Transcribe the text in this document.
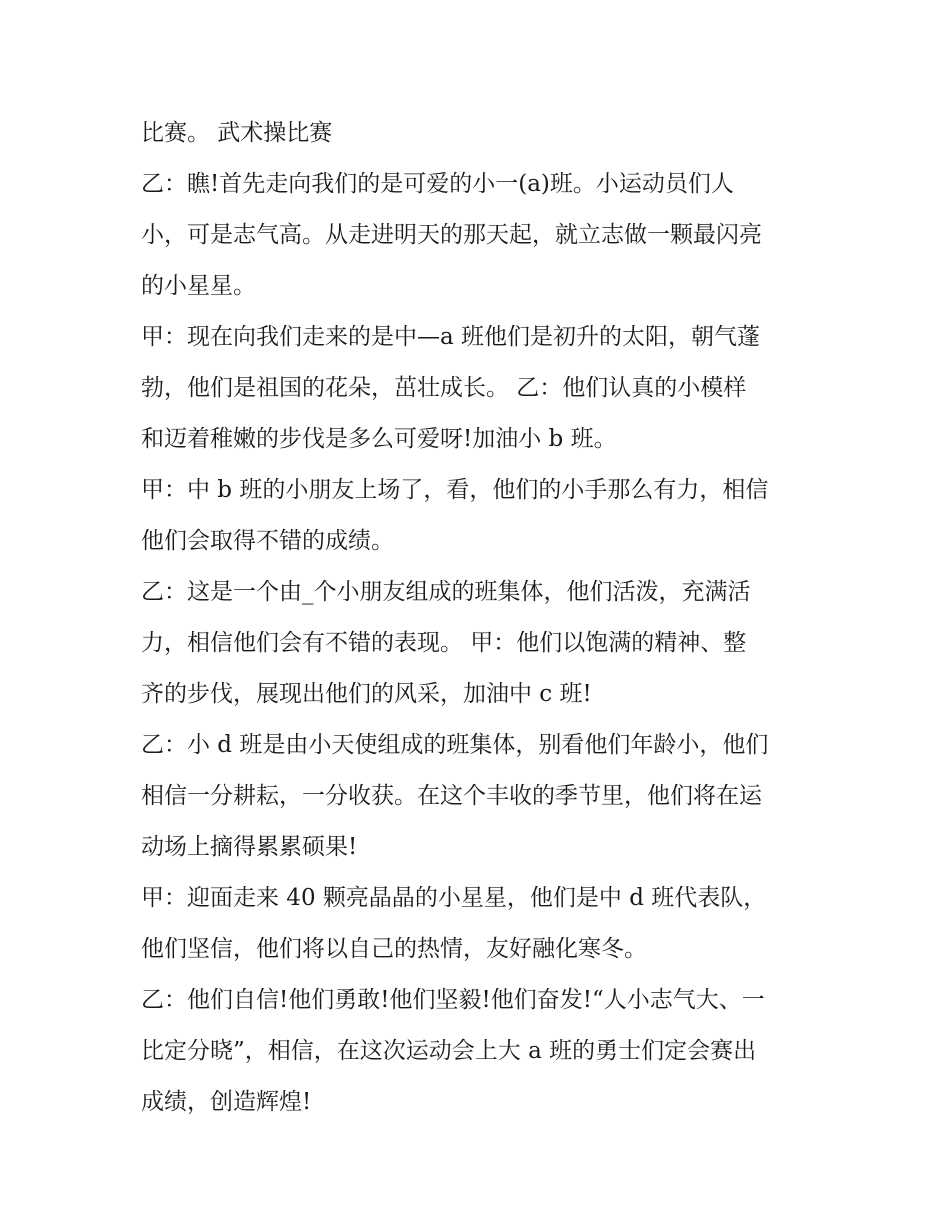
比赛。 武术操比赛
乙：瞧!首先走向我们的是可爱的小一(a)班。小运动员们人
小，可是志气高。从走进明天的那天起，就立志做一颗最闪亮
的小星星。
甲：现在向我们走来的是中—a 班他们是初升的太阳，朝气蓬
勃，他们是祖国的花朵，茁壮成长。 乙：他们认真的小模样
和迈着稚嫩的步伐是多么可爱呀!加油小 b 班。
甲：中 b 班的小朋友上场了，看，他们的小手那么有力，相信
他们会取得不错的成绩。
乙：这是一个由_个小朋友组成的班集体，他们活泼，充满活
力，相信他们会有不错的表现。 甲：他们以饱满的精神、整
齐的步伐，展现出他们的风采，加油中 c 班!
乙：小 d 班是由小天使组成的班集体，别看他们年龄小，他们
相信一分耕耘，一分收获。在这个丰收的季节里，他们将在运
动场上摘得累累硕果!
甲：迎面走来 40 颗亮晶晶的小星星，他们是中 d 班代表队，
他们坚信，他们将以自己的热情，友好融化寒冬。
乙：他们自信!他们勇敢!他们坚毅!他们奋发!“人小志气大、一
比定分晓”，相信，在这次运动会上大 a 班的勇士们定会赛出
成绩，创造辉煌!
